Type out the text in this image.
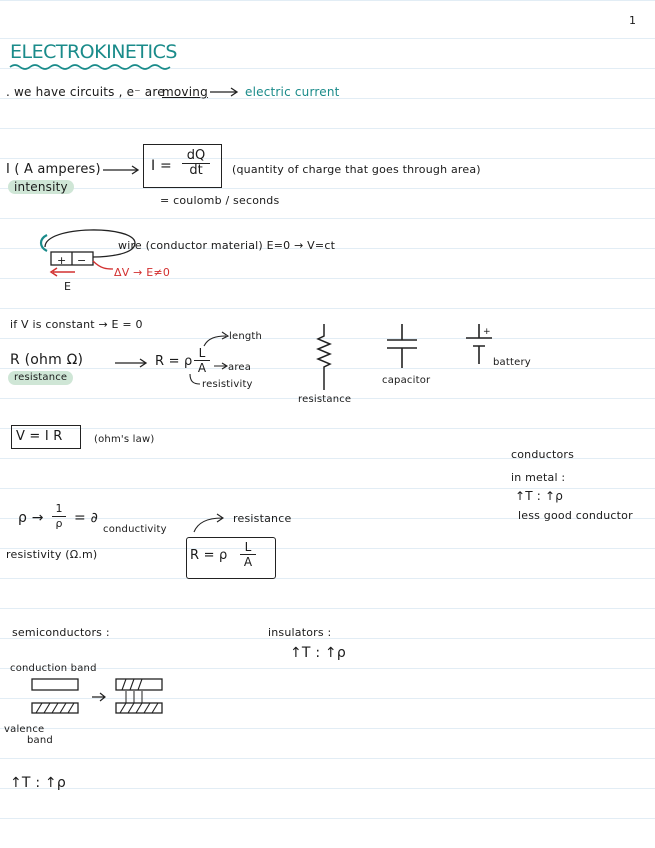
1
ELECTROKINETICS
. we have circuits , e⁻ are
moving	electric current
I ( A amperes)
intensity
I =
dQ
dt	(quantity of charge that goes through area)
= coulomb / seconds
+ −
E
wire (conductor material) E=0 → V=ct
ΔV → E≠0
if V is constant → E = 0
R (ohm Ω)
resistance
R = ρ
L
A
length
area
resistivity
resistance
capacitor
+
battery
V = I R	(ohm's law)
conductors
in metal :
↑T : ↑ρ
less good conductor
ρ →
1
ρ = ∂
conductivity
resistivity (Ω.m)
resistance
R = ρ
L
A
semiconductors :
conduction band
valence
band
↑T : ↑ρ
insulators :
↑T : ↑ρ
